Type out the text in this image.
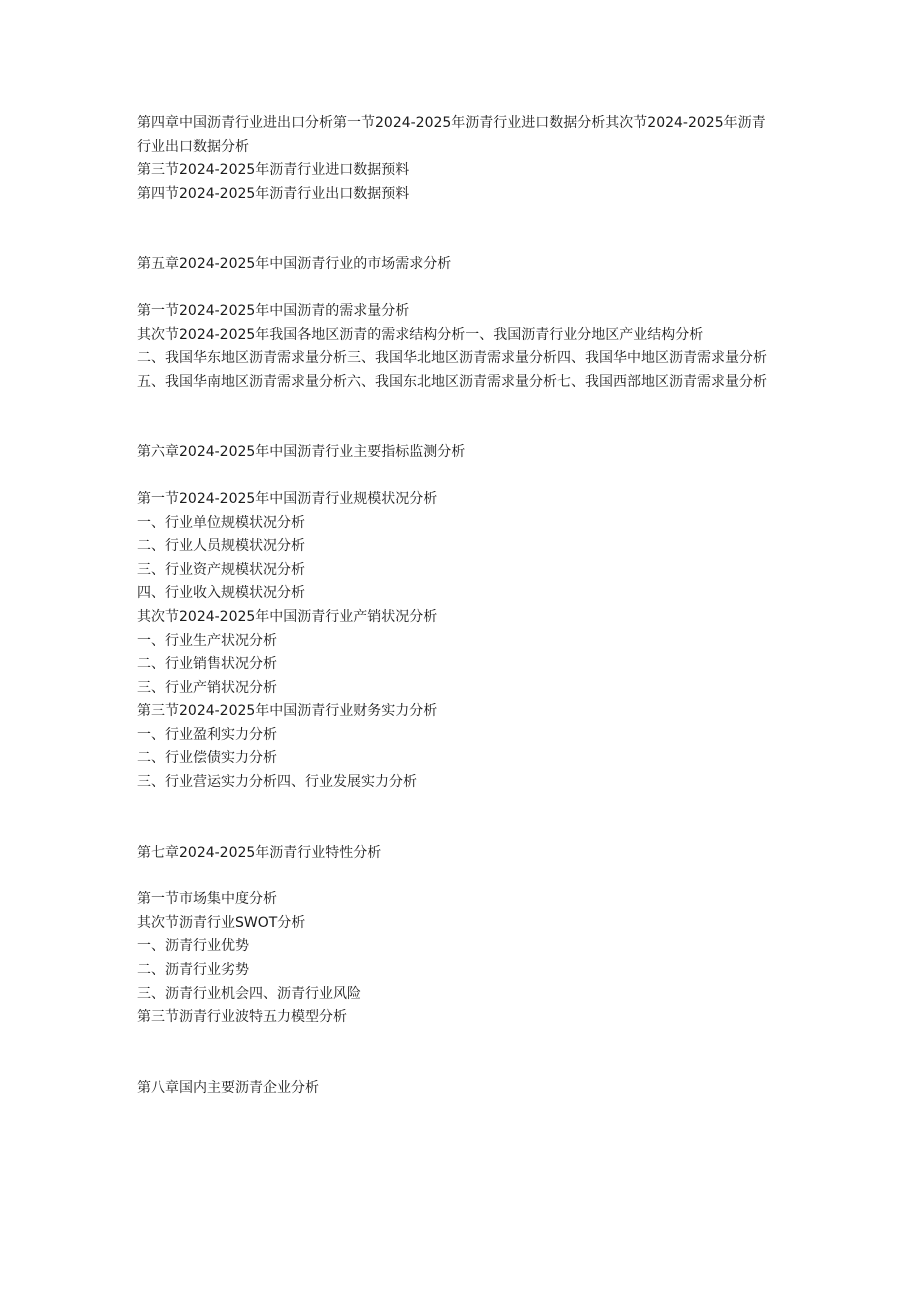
第四章中国沥青行业进出口分析第一节2024-2025年沥青行业进口数据分析其次节2024-2025年沥青行业出口数据分析

第三节2024-2025年沥青行业进口数据预料

第四节2024-2025年沥青行业出口数据预料

第五章2024-2025年中国沥青行业的市场需求分析

第一节2024-2025年中国沥青的需求量分析

其次节2024-2025年我国各地区沥青的需求结构分析一、我国沥青行业分地区产业结构分析

二、我国华东地区沥青需求量分析三、我国华北地区沥青需求量分析四、我国华中地区沥青需求量分析

五、我国华南地区沥青需求量分析六、我国东北地区沥青需求量分析七、我国西部地区沥青需求量分析

第六章2024-2025年中国沥青行业主要指标监测分析

第一节2024-2025年中国沥青行业规模状况分析

一、行业单位规模状况分析

二、行业人员规模状况分析

三、行业资产规模状况分析

四、行业收入规模状况分析

其次节2024-2025年中国沥青行业产销状况分析

一、行业生产状况分析

二、行业销售状况分析

三、行业产销状况分析

第三节2024-2025年中国沥青行业财务实力分析

一、行业盈利实力分析

二、行业偿债实力分析

三、行业营运实力分析四、行业发展实力分析

第七章2024-2025年沥青行业特性分析

第一节市场集中度分析

其次节沥青行业SWOT分析

一、沥青行业优势

二、沥青行业劣势

三、沥青行业机会四、沥青行业风险

第三节沥青行业波特五力模型分析

第八章国内主要沥青企业分析
